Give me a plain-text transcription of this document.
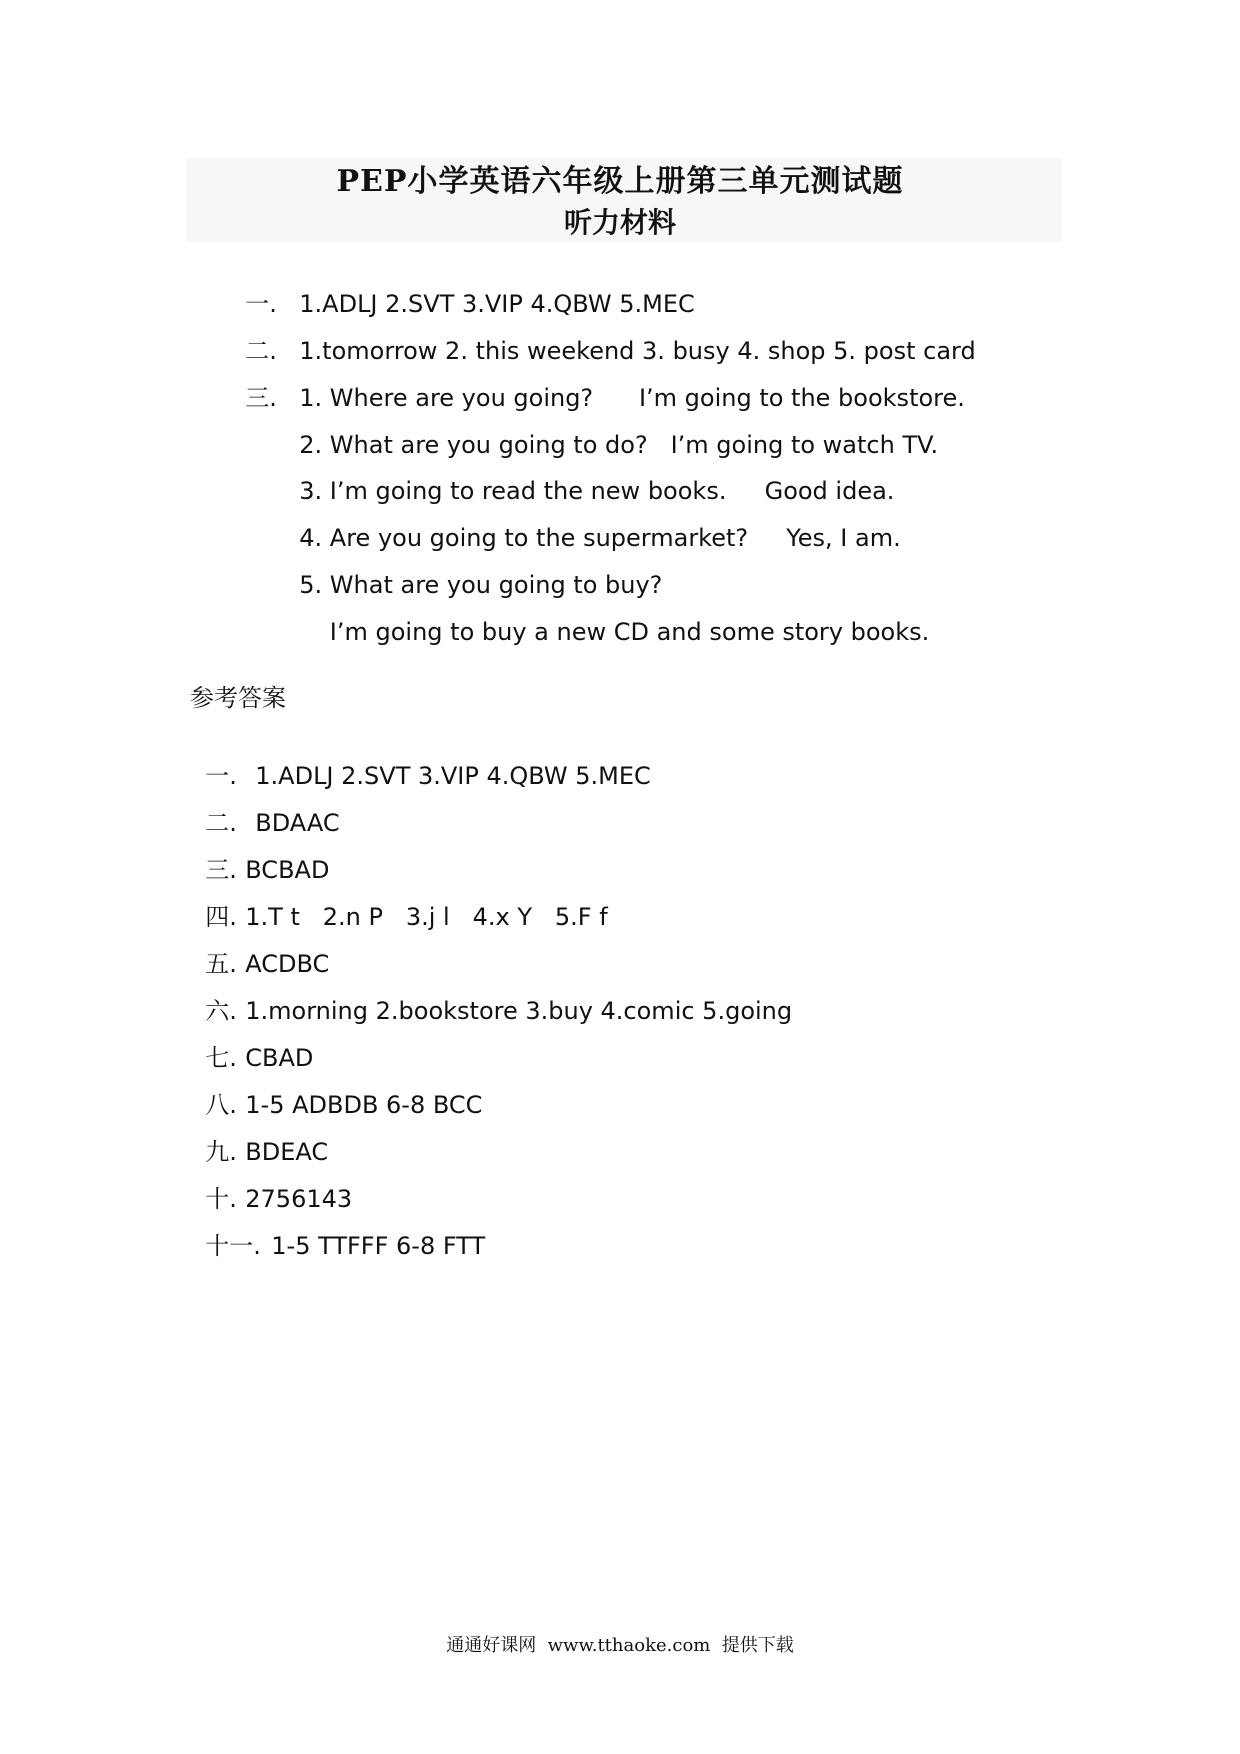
PEP小学英语六年级上册第三单元测试题
听力材料

一. 1.ADLJ 2.SVT 3.VIP 4.QBW 5.MEC

二. 1.tomorrow 2. this weekend 3. busy 4. shop 5. post card

三. 1. Where are you going?      I’m going to the bookstore.

2. What are you going to do?   I’m going to watch TV.

3. I’m going to read the new books.     Good idea.

4. Are you going to the supermarket?     Yes, I am.

5. What are you going to buy?

I’m going to buy a new CD and some story books.

参考答案

一. 1.ADLJ 2.SVT 3.VIP 4.QBW 5.MEC

二. BDAAC

三. BCBAD

四. 1.T t   2.n P   3.j l   4.x Y   5.F f

五. ACDBC

六. 1.morning 2.bookstore 3.buy 4.comic 5.going

七. CBAD

八. 1-5 ADBDB 6-8 BCC

九. BDEAC

十. 2756143

十一. 1-5 TTFFF 6-8 FTT

通通好课网  www.tthaoke.com  提供下载
